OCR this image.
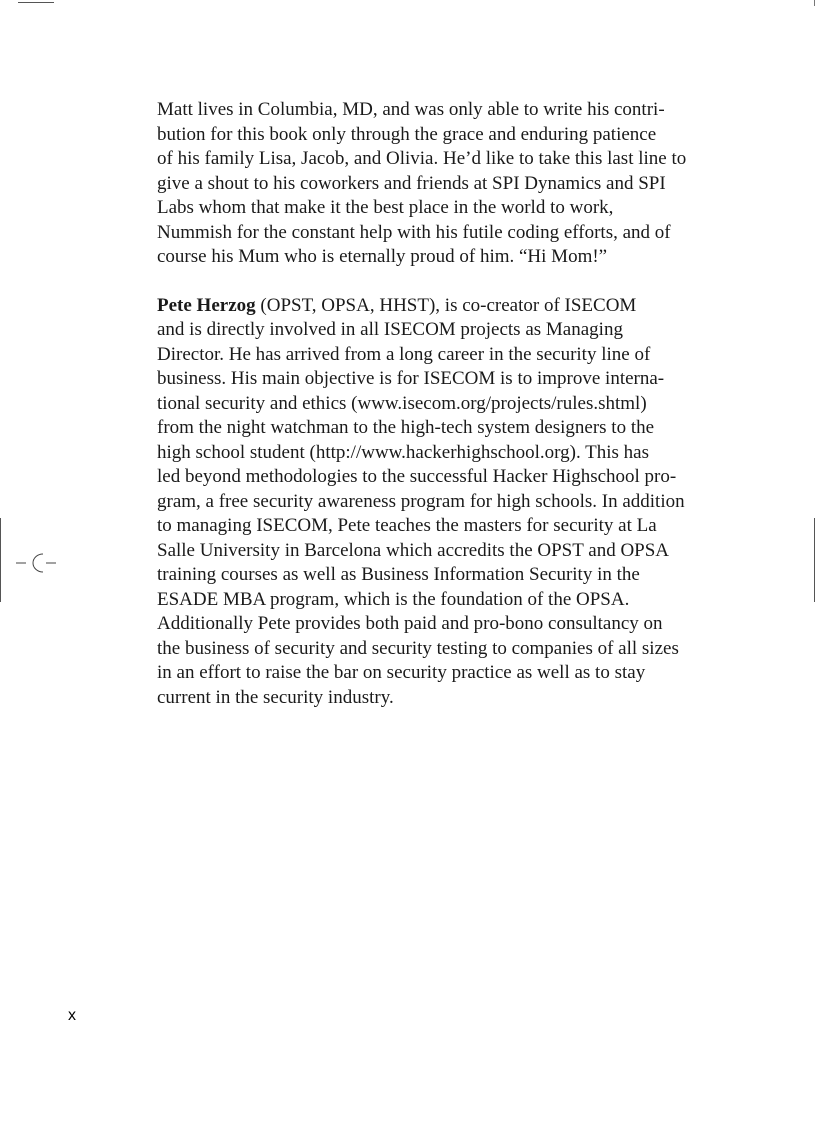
Matt lives in Columbia, MD, and was only able to write his contri-
bution for this book only through the grace and enduring patience
of his family Lisa, Jacob, and Olivia. He’d like to take this last line to
give a shout to his coworkers and friends at SPI Dynamics and SPI
Labs whom that make it the best place in the world to work,
Nummish for the constant help with his futile coding efforts, and of
course his Mum who is eternally proud of him. “Hi Mom!”

Pete Herzog (OPST, OPSA, HHST), is co-creator of ISECOM
and is directly involved in all ISECOM projects as Managing
Director. He has arrived from a long career in the security line of
business. His main objective is for ISECOM is to improve interna-
tional security and ethics (www.isecom.org/projects/rules.shtml)
from the night watchman to the high-tech system designers to the
high school student (http://www.hackerhighschool.org). This has
led beyond methodologies to the successful Hacker Highschool pro-
gram, a free security awareness program for high schools. In addition
to managing ISECOM, Pete teaches the masters for security at La
Salle University in Barcelona which accredits the OPST and OPSA
training courses as well as Business Information Security in the
ESADE MBA program, which is the foundation of the OPSA.
Additionally Pete provides both paid and pro-bono consultancy on
the business of security and security testing to companies of all sizes
in an effort to raise the bar on security practice as well as to stay
current in the security industry.

x
